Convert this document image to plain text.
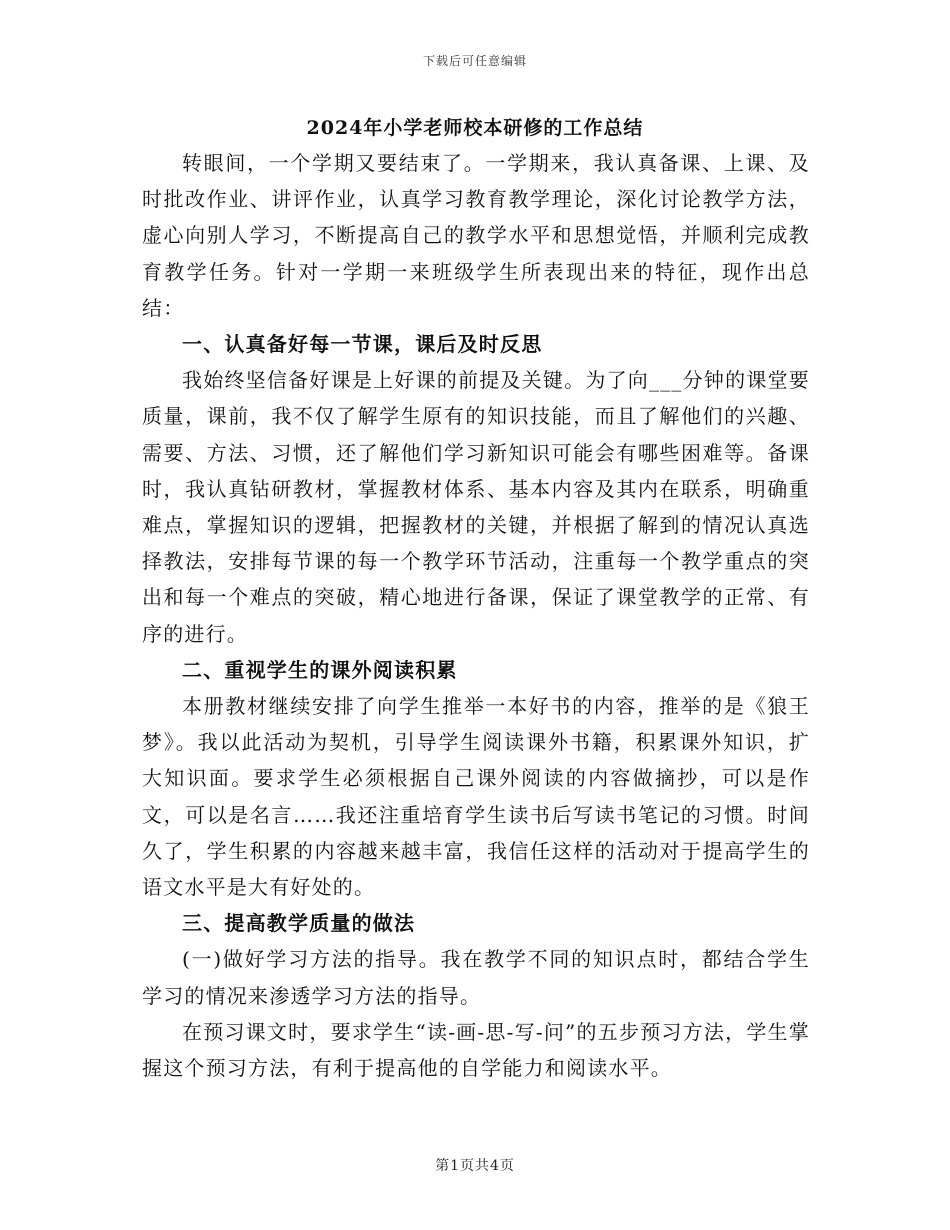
下载后可任意编辑
2024年小学老师校本研修的工作总结

转眼间，一个学期又要结束了。一学期来，我认真备课、上课、及时批改作业、讲评作业，认真学习教育教学理论，深化讨论教学方法，虚心向别人学习，不断提高自己的教学水平和思想觉悟，并顺利完成教育教学任务。针对一学期一来班级学生所表现出来的特征，现作出总结：

一、认真备好每一节课，课后及时反思

我始终坚信备好课是上好课的前提及关键。为了向___分钟的课堂要质量，课前，我不仅了解学生原有的知识技能，而且了解他们的兴趣、需要、方法、习惯，还了解他们学习新知识可能会有哪些困难等。备课时，我认真钻研教材，掌握教材体系、基本内容及其内在联系，明确重难点，掌握知识的逻辑，把握教材的关键，并根据了解到的情况认真选择教法，安排每节课的每一个教学环节活动，注重每一个教学重点的突出和每一个难点的突破，精心地进行备课，保证了课堂教学的正常、有序的进行。

二、重视学生的课外阅读积累

本册教材继续安排了向学生推举一本好书的内容，推举的是《狼王梦》。我以此活动为契机，引导学生阅读课外书籍，积累课外知识，扩大知识面。要求学生必须根据自己课外阅读的内容做摘抄，可以是作文，可以是名言……我还注重培育学生读书后写读书笔记的习惯。时间久了，学生积累的内容越来越丰富，我信任这样的活动对于提高学生的语文水平是大有好处的。

三、提高教学质量的做法

(一)做好学习方法的指导。我在教学不同的知识点时，都结合学生学习的情况来渗透学习方法的指导。

在预习课文时，要求学生“读-画-思-写-问”的五步预习方法，学生掌握这个预习方法，有利于提高他的自学能力和阅读水平。

第1页共4页
